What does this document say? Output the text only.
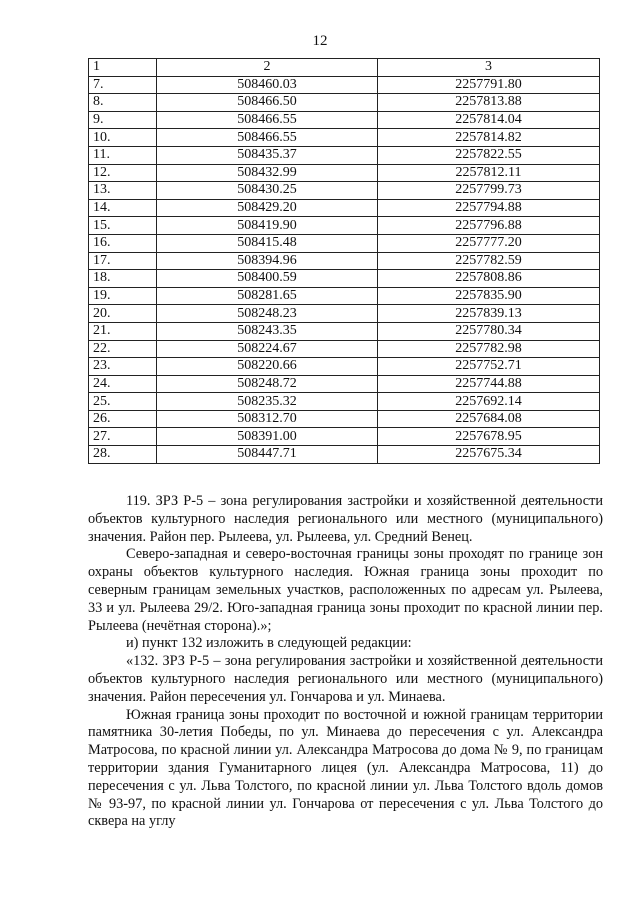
12
1	2	3
7.	508460.03	2257791.80
8.	508466.50	2257813.88
9.	508466.55	2257814.04
10.	508466.55	2257814.82
11.	508435.37	2257822.55
12.	508432.99	2257812.11
13.	508430.25	2257799.73
14.	508429.20	2257794.88
15.	508419.90	2257796.88
16.	508415.48	2257777.20
17.	508394.96	2257782.59
18.	508400.59	2257808.86
19.	508281.65	2257835.90
20.	508248.23	2257839.13
21.	508243.35	2257780.34
22.	508224.67	2257782.98
23.	508220.66	2257752.71
24.	508248.72	2257744.88
25.	508235.32	2257692.14
26.	508312.70	2257684.08
27.	508391.00	2257678.95
28.	508447.71	2257675.34

119. ЗРЗ Р-5 – зона регулирования застройки и хозяйственной деятельности объектов культурного наследия регионального или местного (муниципального) значения. Район пер. Рылеева, ул. Рылеева, ул. Средний Венец.

Северо-западная и северо-восточная границы зоны проходят по границе зон охраны объектов культурного наследия. Южная граница зоны проходит по северным границам земельных участков, расположенных по адресам ул. Рылеева, 33 и ул. Рылеева 29/2. Юго-западная граница зоны проходит по красной линии пер. Рылеева (нечётная сторона).»;

и) пункт 132 изложить в следующей редакции:

«132. ЗРЗ Р-5 – зона регулирования застройки и хозяйственной деятельности объектов культурного наследия регионального или местного (муниципального) значения. Район пересечения ул. Гончарова и ул. Минаева.

Южная граница зоны проходит по восточной и южной границам территории памятника 30-летия Победы, по ул. Минаева до пересечения с ул. Александра Матросова, по красной линии ул. Александра Матросова до дома № 9, по границам территории здания Гуманитарного лицея (ул. Александра Матросова, 11) до пересечения с ул. Льва Толстого, по красной линии ул. Льва Толстого вдоль домов № 93-97, по красной линии ул. Гончарова от пересечения с ул. Льва Толстого до сквера на углу
